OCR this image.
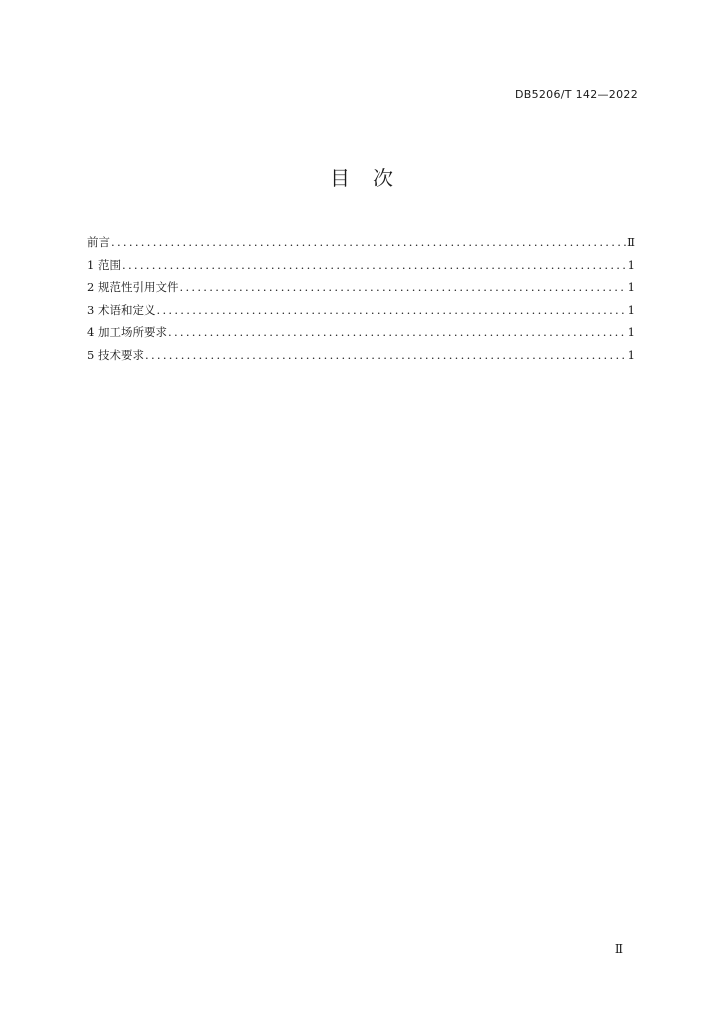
DB5206/T 142—2022
目 次
前言 .....	Ⅱ
1 范围 .....	1
2 规范性引用文件 .....	1
3 术语和定义 .....	1
4 加工场所要求 .....	1
5 技术要求 .....	1
Ⅱ
